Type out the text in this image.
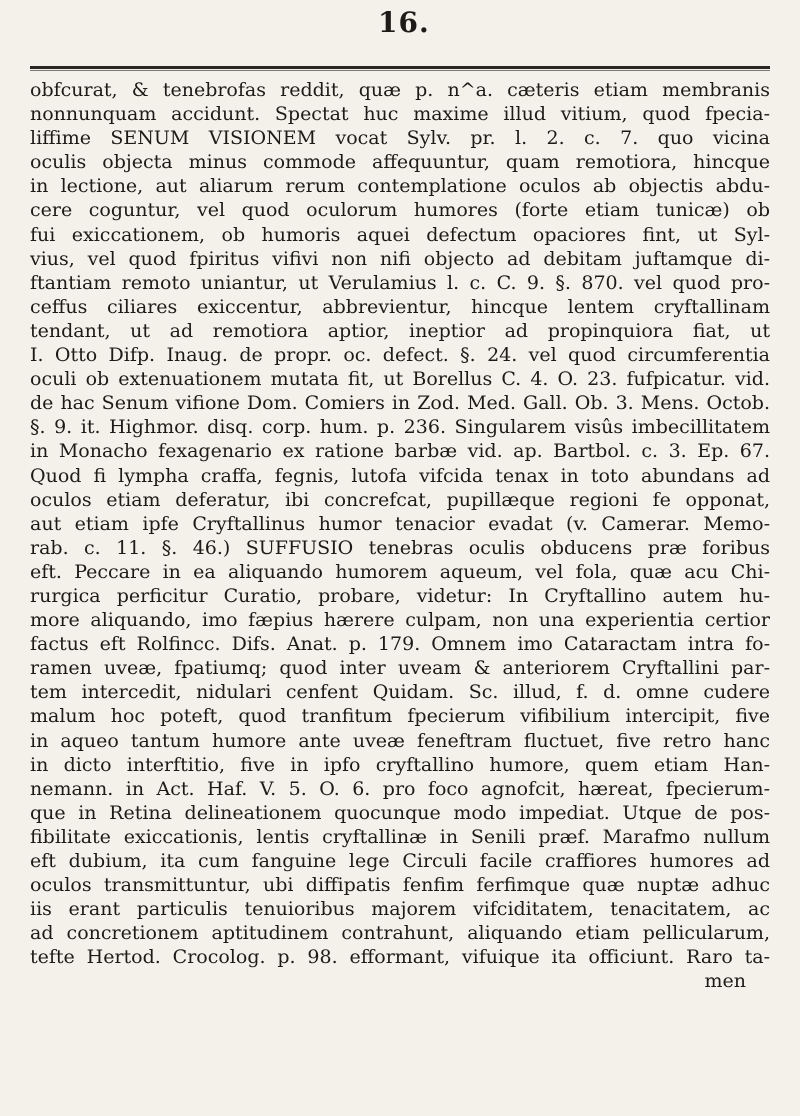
16.
obfcurat, & tenebrofas reddit, quæ p. n^a. cæteris etiam membranis
nonnunquam accidunt. Spectat huc maxime illud vitium, quod fpecia-
liffime SENUM VISIONEM vocat Sylv. pr. l. 2. c. 7. quo vicina
oculis objecta minus commode affequuntur, quam remotiora, hincque
in lectione, aut aliarum rerum contemplatione oculos ab objectis abdu-
cere coguntur, vel quod oculorum humores (forte etiam tunicæ) ob
fui exiccationem, ob humoris aquei defectum opaciores fint, ut Syl-
vius, vel quod fpiritus vifivi non nifi objecto ad debitam juftamque di-
ftantiam remoto uniantur, ut Verulamius l. c. C. 9. §. 870. vel quod pro-
ceffus ciliares exiccentur, abbrevientur, hincque lentem cryftallinam
tendant, ut ad remotiora aptior, ineptior ad propinquiora fiat, ut
I. Otto Difp. Inaug. de propr. oc. defect. §. 24. vel quod circumferentia
oculi ob extenuationem mutata fit, ut Borellus C. 4. O. 23. fufpicatur. vid.
de hac Senum vifione Dom. Comiers in Zod. Med. Gall. Ob. 3. Mens. Octob.
§. 9. it. Highmor. disq. corp. hum. p. 236. Singularem visûs imbecillitatem
in Monacho fexagenario ex ratione barbæ vid. ap. Bartbol. c. 3. Ep. 67.
Quod fi lympha craffa, fegnis, lutofa vifcida tenax in toto abundans ad
oculos etiam deferatur, ibi concrefcat, pupillæque regioni fe opponat,
aut etiam ipfe Cryftallinus humor tenacior evadat (v. Camerar. Memo-
rab. c. 11. §. 46.) SUFFUSIO tenebras oculis obducens præ foribus
eft. Peccare in ea aliquando humorem aqueum, vel fola, quæ acu Chi-
rurgica perficitur Curatio, probare, videtur: In Cryftallino autem hu-
more aliquando, imo fæpius hærere culpam, non una experientia certior
factus eft Rolfincc. Difs. Anat. p. 179. Omnem imo Cataractam intra fo-
ramen uveæ, fpatiumq; quod inter uveam & anteriorem Cryftallini par-
tem intercedit, nidulari cenfent Quidam. Sc. illud, f. d. omne cudere
malum hoc poteft, quod tranfitum fpecierum vifibilium intercipit, five
in aqueo tantum humore ante uveæ feneftram fluctuet, five retro hanc
in dicto interftitio, five in ipfo cryftallino humore, quem etiam Han-
nemann. in Act. Haf. V. 5. O. 6. pro foco agnofcit, hæreat, fpecierum-
que in Retina delineationem quocunque modo impediat. Utque de pos-
fibilitate exiccationis, lentis cryftallinæ in Senili præf. Marafmo nullum
eft dubium, ita cum fanguine lege Circuli facile craffiores humores ad
oculos transmittuntur, ubi diffipatis fenfim ferfimque quæ nuptæ adhuc
iis erant particulis tenuioribus majorem vifciditatem, tenacitatem, ac
ad concretionem aptitudinem contrahunt, aliquando etiam pellicularum,
tefte Hertod. Crocolog. p. 98. efformant, vifuique ita officiunt. Raro ta-
men
